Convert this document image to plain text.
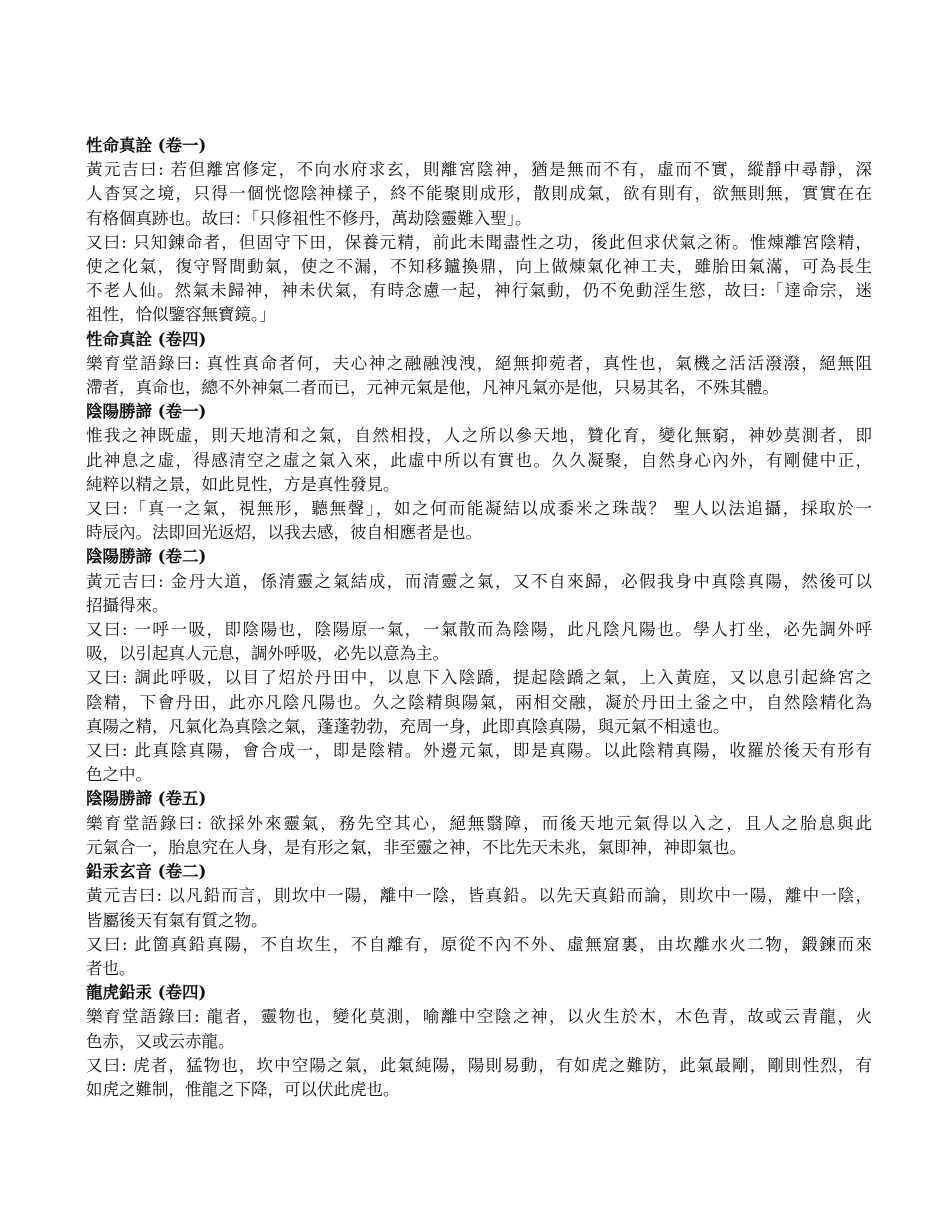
性命真詮 (卷一)
黃元吉曰: 若但離宮修定，不向水府求玄，則離宮陰神，猶是無而不有，虛而不實，縱靜中尋靜，深
人杳冥之境，只得一個恍惚陰神樣子，終不能聚則成形，散則成氣，欲有則有，欲無則無，實實在在
有格個真跡也。故曰：「只修祖性不修丹，萬劫陰靈難入聖」。
又曰: 只知錬命者，但固守下田，保養元精，前此未聞盡性之功，後此但求伏氣之術。惟煉離宮陰精，
使之化氣，復守腎間動氣，使之不漏，不知移鑪換鼎，向上做煉氣化神工夫，雖胎田氣滿，可為長生
不老人仙。然氣未歸神，神未伏氣，有時念慮一起，神行氣動，仍不免動淫生慾，故曰:「達命宗，迷
祖性，恰似鑒容無寶鏡。」
性命真詮 (卷四)
樂育堂語錄曰: 真性真命者何，夫心神之融融洩洩，絕無抑菀者，真性也，氣機之活活潑潑，絕無阻
滯者，真命也，總不外神氣二者而已，元神元氣是他，凡神凡氣亦是他，只易其名，不殊其體。
陰陽勝諦 (卷一)
惟我之神既虛，則天地清和之氣，自然相投，人之所以參天地，贊化育，變化無窮，神妙莫測者，即
此神息之虛，得感清空之虛之氣入來，此虛中所以有實也。久久凝聚，自然身心內外，有剛健中正，
純粹以精之景，如此見性，方是真性發見。
又曰:「真一之氣，視無形，聽無聲」，如之何而能凝結以成黍米之珠哉？ 聖人以法追攝，採取於一
時辰內。法即回光返炤，以我去感，彼自相應者是也。
陰陽勝諦 (卷二)
黃元吉曰: 金丹大道，係清靈之氣結成，而清靈之氣，又不自來歸，必假我身中真陰真陽，然後可以
招攝得來。
又曰: 一呼一吸，即陰陽也，陰陽原一氣，一氣散而為陰陽，此凡陰凡陽也。學人打坐，必先調外呼
吸，以引起真人元息，調外呼吸，必先以意為主。
又曰: 調此呼吸，以目了炤於丹田中，以息下入陰蹻，提起陰蹻之氣，上入黃庭，又以息引起絳宮之
陰精，下會丹田，此亦凡陰凡陽也。久之陰精與陽氣，兩相交融，凝於丹田土釜之中，自然陰精化為
真陽之精，凡氣化為真陰之氣，蓬蓬勃勃，充周一身，此即真陰真陽，與元氣不相遠也。
又曰: 此真陰真陽，會合成一，即是陰精。外邊元氣，即是真陽。以此陰精真陽，收羅於後天有形有
色之中。
陰陽勝諦 (卷五)
樂育堂語錄曰: 欲採外來靈氣，務先空其心，絕無翳障，而後天地元氣得以入之，且人之胎息與此
元氣合一，胎息究在人身，是有形之氣，非至靈之神，不比先天未兆，氣即神，神即氣也。
鉛汞玄音 (卷二)
黃元吉曰: 以凡鉛而言，則坎中一陽，離中一陰，皆真鉛。以先天真鉛而論，則坎中一陽，離中一陰，
皆屬後天有氣有質之物。
又曰: 此箇真鉛真陽，不自坎生，不自離有，原從不內不外、虛無窟裏，由坎離水火二物，鍛鍊而來
者也。
龍虎鉛汞 (卷四)
樂育堂語錄曰: 龍者，靈物也，變化莫測，喻離中空陰之神，以火生於木，木色青，故或云青龍，火
色赤，又或云赤龍。
又曰: 虎者，猛物也，坎中空陽之氣，此氣純陽，陽則易動，有如虎之難防，此氣最剛，剛則性烈，有
如虎之難制，惟龍之下降，可以伏此虎也。
